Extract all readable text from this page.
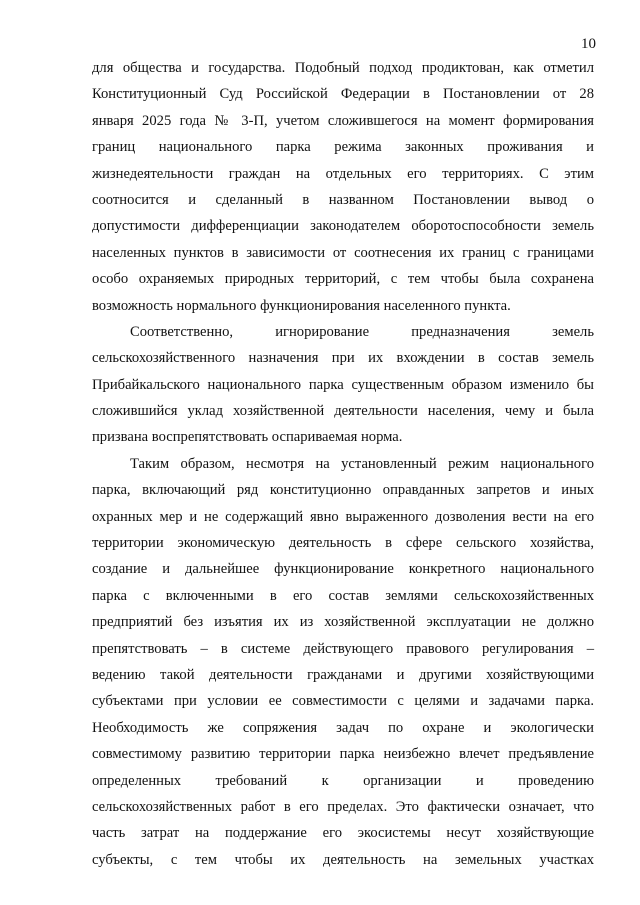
10
для общества и государства. Подобный подход продиктован, как отметил
Конституционный Суд Российской Федерации в Постановлении от 28
января 2025 года № 3-П, учетом сложившегося на момент формирования
границ национального парка режима законных проживания и
жизнедеятельности граждан на отдельных его территориях. С этим
соотносится и сделанный в названном Постановлении вывод о
допустимости дифференциации законодателем оборотоспособности земель
населенных пунктов в зависимости от соотнесения их границ с границами
особо охраняемых природных территорий, с тем чтобы была сохранена
возможность нормального функционирования населенного пункта.
Соответственно, игнорирование предназначения земель
сельскохозяйственного назначения при их вхождении в состав земель
Прибайкальского национального парка существенным образом изменило бы
сложившийся уклад хозяйственной деятельности населения, чему и была
призвана воспрепятствовать оспариваемая норма.
Таким образом, несмотря на установленный режим национального
парка, включающий ряд конституционно оправданных запретов и иных
охранных мер и не содержащий явно выраженного дозволения вести на его
территории экономическую деятельность в сфере сельского хозяйства,
создание и дальнейшее функционирование конкретного национального
парка с включенными в его состав землями сельскохозяйственных
предприятий без изъятия их из хозяйственной эксплуатации не должно
препятствовать – в системе действующего правового регулирования –
ведению такой деятельности гражданами и другими хозяйствующими
субъектами при условии ее совместимости с целями и задачами парка.
Необходимость же сопряжения задач по охране и экологически
совместимому развитию территории парка неизбежно влечет предъявление
определенных требований к организации и проведению
сельскохозяйственных работ в его пределах. Это фактически означает, что
часть затрат на поддержание его экосистемы несут хозяйствующие
субъекты, с тем чтобы их деятельность на земельных участках
